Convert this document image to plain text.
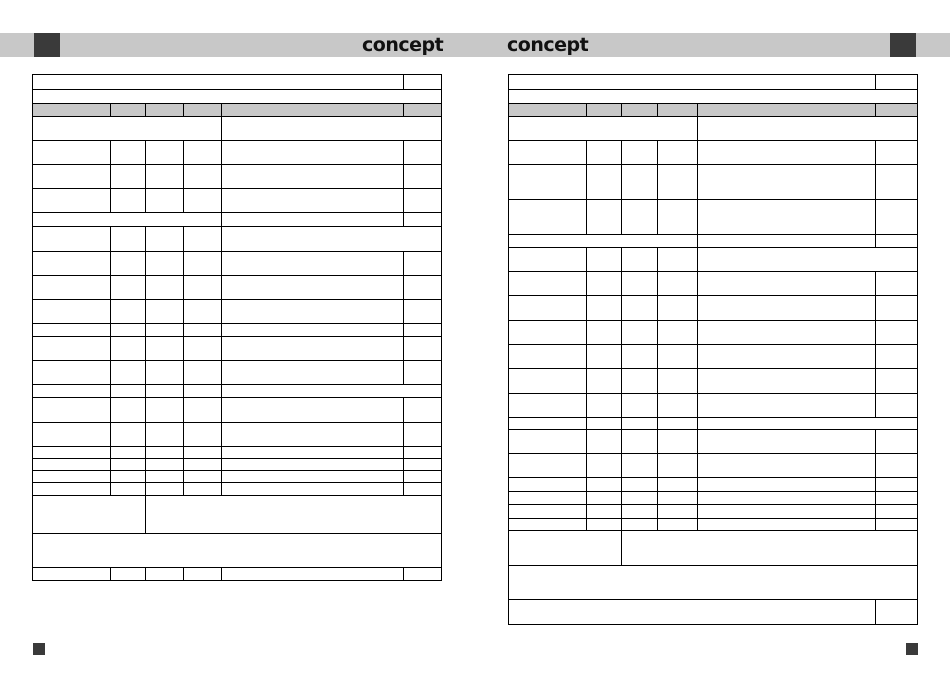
concept	concept
